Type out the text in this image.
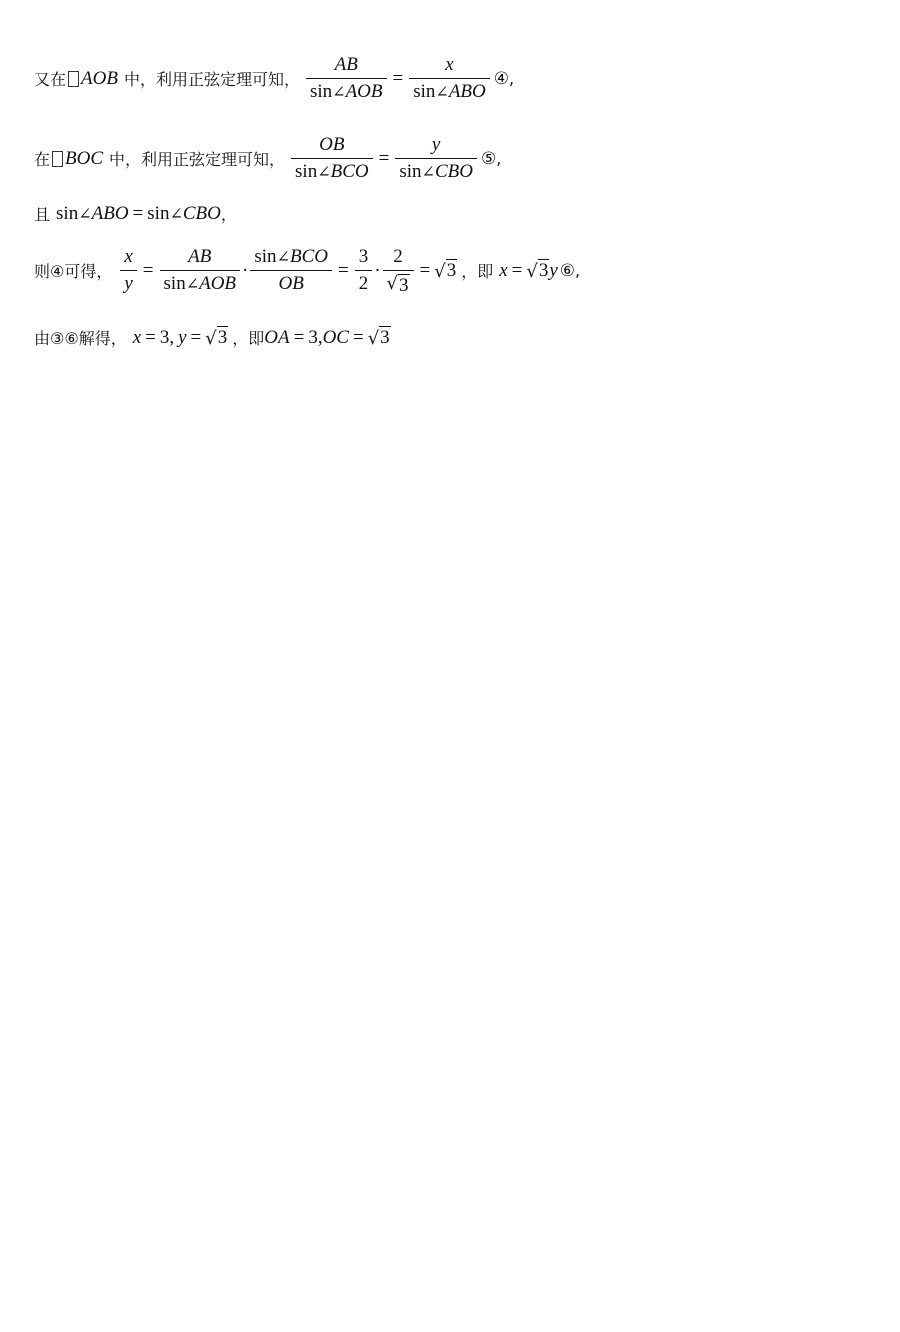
又在 AOB 中，利用正弦定理可知， $\frac{AB}{\text{sin∠AOB}} = \frac{x}{\text{sin∠ABO}}$ ④ ,
在 BOC 中，利用正弦定理可知， $\frac{OB}{\text{sin∠BCO}} = \frac{y}{\text{sin∠CBO}}$ ⑤ ,
且 sin ∠ ABO = sin ∠ CBO ，
则④可得， $\frac{x}{y} = \frac{AB}{\text{sin∠AOB}} \cdot \frac{\text{sin∠BCO}}{OB} = \frac{3}{2} \cdot \frac{2}{√ 3}$ = √ 3 ，即 x = √ 3 y ⑥ ,
由③⑥解得， x = 3, y = √ 3 ，即 OA = 3, OC = √ 3
